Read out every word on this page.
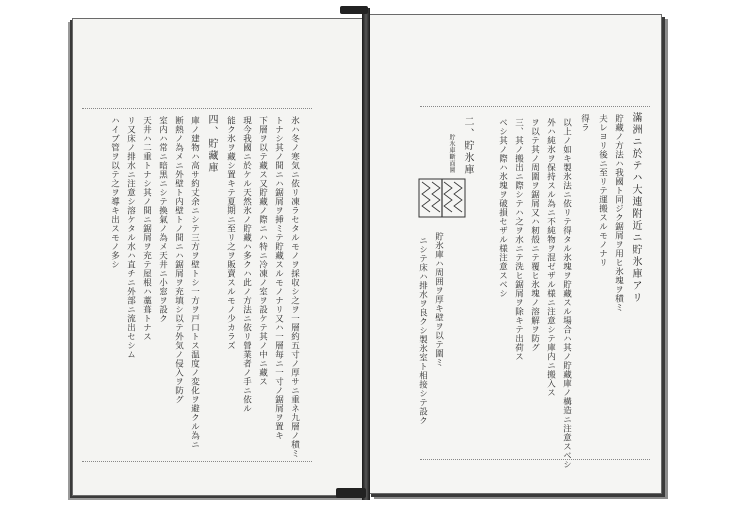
氷ハ冬ノ寒気ニ依リ凍ラセタルモノヲ採収シ之ヲ一層約五寸ノ厚サニ重ネ九層ノ積ミ
トナシ其ノ間ニハ鋸屑ヲ挿ミテ貯藏スルモノナリ又ハ一層毎ニ一寸ノ鋸屑ヲ置キ
下層ヲ以テ藏ス又貯藏ノ際ニハ特ニ冷凍ノ室ヲ設ケテ其ノ中ニ藏ス
現今我國ニ於ケル天然氷ノ貯藏ハ多クハ此ノ方法ニ依リ營業者ノ手ニ依ル
能ク氷ヲ藏シ置キテ夏期ニ至リ之ヲ販賣スルモノ少カラズ
四、貯藏庫
庫ノ建物ハ高サ約丈余ニシテ三方ヲ壁トシ一方ヲ戸口トス温度ノ変化ヲ避クル為ニ
断熱ノ為メニ外壁ト内壁トノ間ニハ鋸屑ヲ充填シ以テ外気ノ侵入ヲ防グ
室内ハ常ニ暗黒ニシテ換氣ノ為メ天井ニ小窓ヲ設ク
天井ハ二重トナシ其ノ間ニ鋸屑ヲ充テ屋根ハ藁葺トナス
リ又床ノ排水ニ注意シ溶ケタル水ハ直チニ外部ニ流出セシム
ハイブ管ヲ以テ之ヲ導キ出スモノ多シ	滿洲ニ於テハ大連附近ニ貯氷庫アリ
貯藏ノ方法ハ我國ト同ジク鋸屑ヲ用ヒ氷塊ヲ積ミ
夫レヨリ後ニ至リテ運搬スルモノナリ
得ラ
以上ノ如キ製氷法ニ依リテ得タル氷塊ヲ貯藏スル場合ハ其ノ貯藏庫ノ構造ニ注意スベシ
外ハ純氷ヲ保持スル為ニ不純物ヲ混ゼザル様ニ注意シテ庫内ニ搬入ス
ヲ以テ其ノ周圍ヲ鋸屑又ハ籾殻ニテ覆ヒ氷塊ノ溶解ヲ防グ
三、其ノ搬出ニ際シテハ之ヲ水ニテ洗ヒ鋸屑ヲ除キテ出荷ス
ベシ其ノ際ハ氷塊ヲ破損セザル様注意スベシ
二、貯氷庫
貯氷庫斷面圖
貯氷庫ハ周囲ヲ厚キ壁ヲ以テ圍ミ
ニシテ床ハ排水ヲ良クシ製氷室ト相接シテ設ク
